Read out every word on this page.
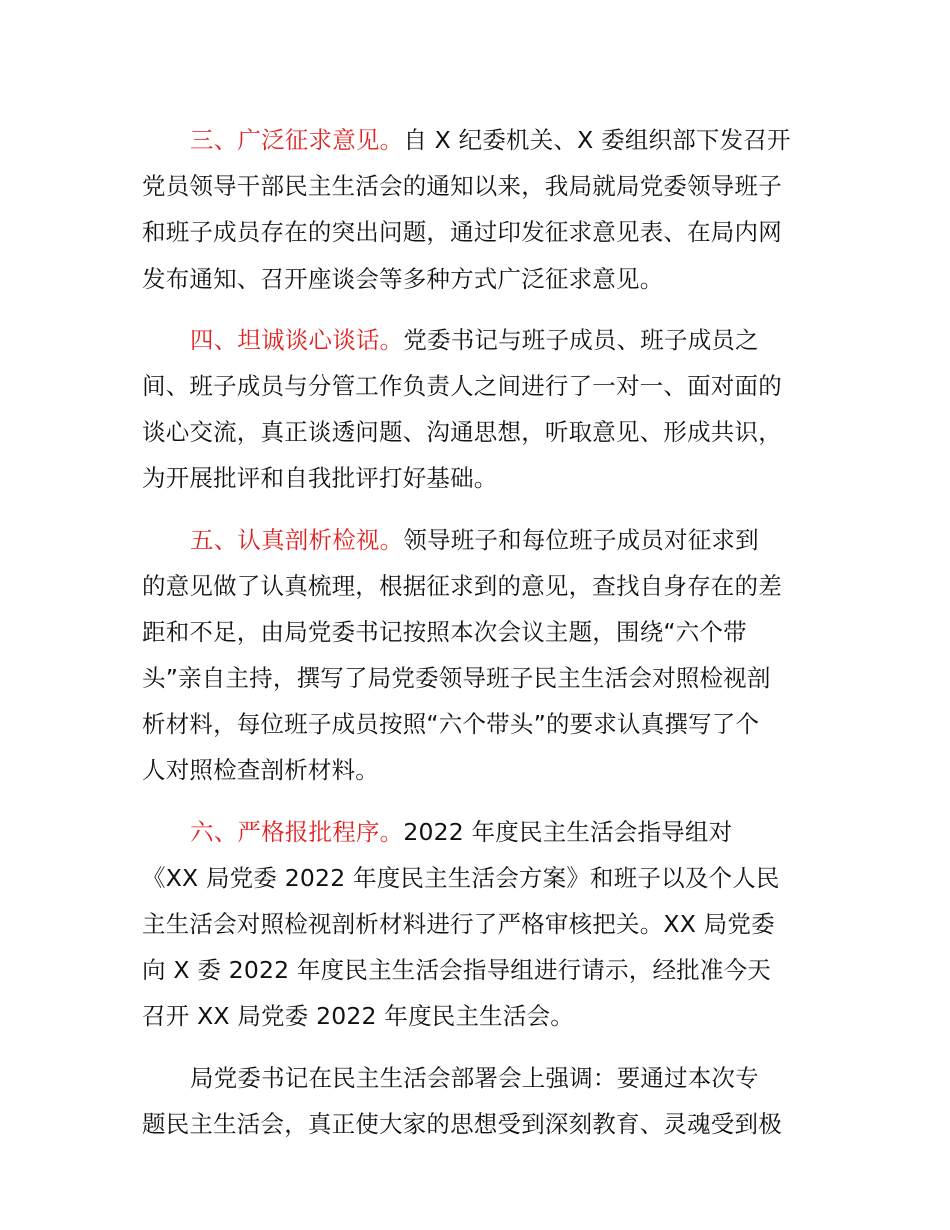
三、广泛征求意见。自 X 纪委机关、X 委组织部下发召开
党员领导干部民主生活会的通知以来，我局就局党委领导班子
和班子成员存在的突出问题，通过印发征求意见表、在局内网
发布通知、召开座谈会等多种方式广泛征求意见。
四、坦诚谈心谈话。党委书记与班子成员、班子成员之
间、班子成员与分管工作负责人之间进行了一对一、面对面的
谈心交流，真正谈透问题、沟通思想，听取意见、形成共识，
为开展批评和自我批评打好基础。
五、认真剖析检视。领导班子和每位班子成员对征求到
的意见做了认真梳理，根据征求到的意见，查找自身存在的差
距和不足，由局党委书记按照本次会议主题，围绕“六个带
头”亲自主持，撰写了局党委领导班子民主生活会对照检视剖
析材料，每位班子成员按照“六个带头”的要求认真撰写了个
人对照检查剖析材料。
六、严格报批程序。2022 年度民主生活会指导组对
《XX 局党委 2022 年度民主生活会方案》和班子以及个人民
主生活会对照检视剖析材料进行了严格审核把关。XX 局党委
向 X 委 2022 年度民主生活会指导组进行请示，经批准今天
召开 XX 局党委 2022 年度民主生活会。
局党委书记在民主生活会部署会上强调：要通过本次专
题民主生活会，真正使大家的思想受到深刻教育、灵魂受到极
